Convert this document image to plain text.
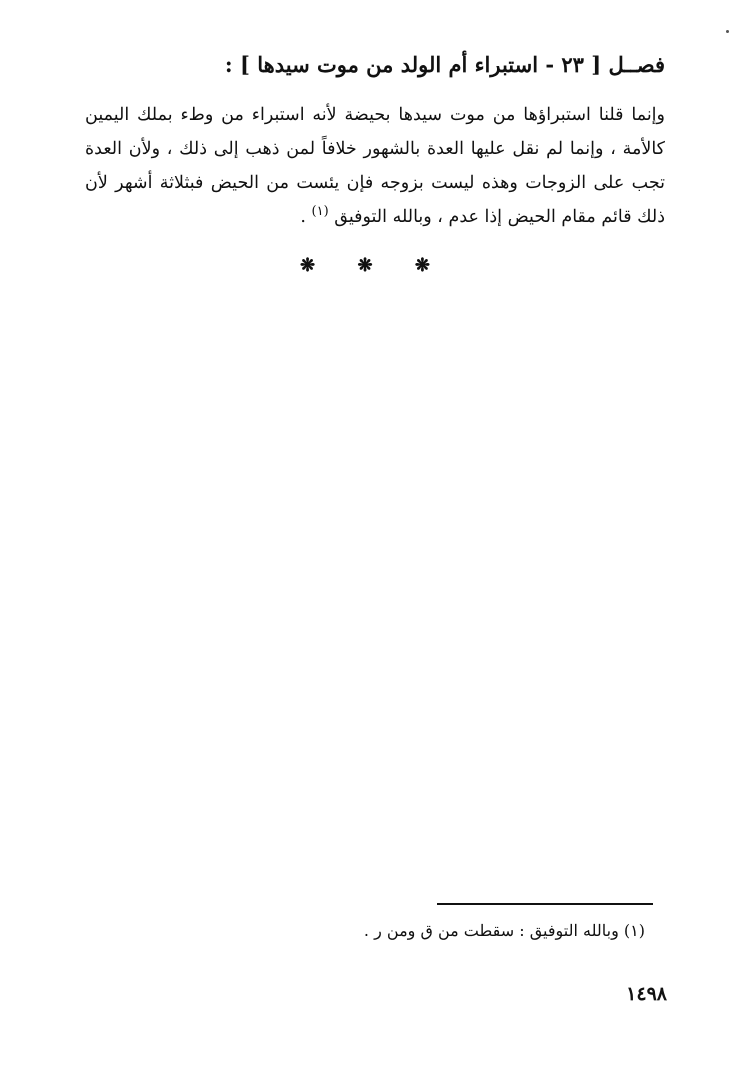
فصــل [ ٢٣ - استبراء أم الولد من موت سيدها ] :
وإنما قلنا استبراؤها من موت سيدها بحيضة لأنه استبراء من وطء بملك اليمين كالأمة ، وإنما لم نقل عليها العدة بالشهور خلافاً لمن ذهب إلى ذلك ، ولأن العدة تجب على الزوجات وهذه ليست بزوجه فإن يئست من الحيض فبثلاثة أشهر لأن ذلك قائم مقام الحيض إذا عدم ، وبالله التوفيق $^{(١)}$ .
❋ ❋ ❋
(١) وبالله التوفيق : سقطت من ق ومن ر .
١٤٩٨
